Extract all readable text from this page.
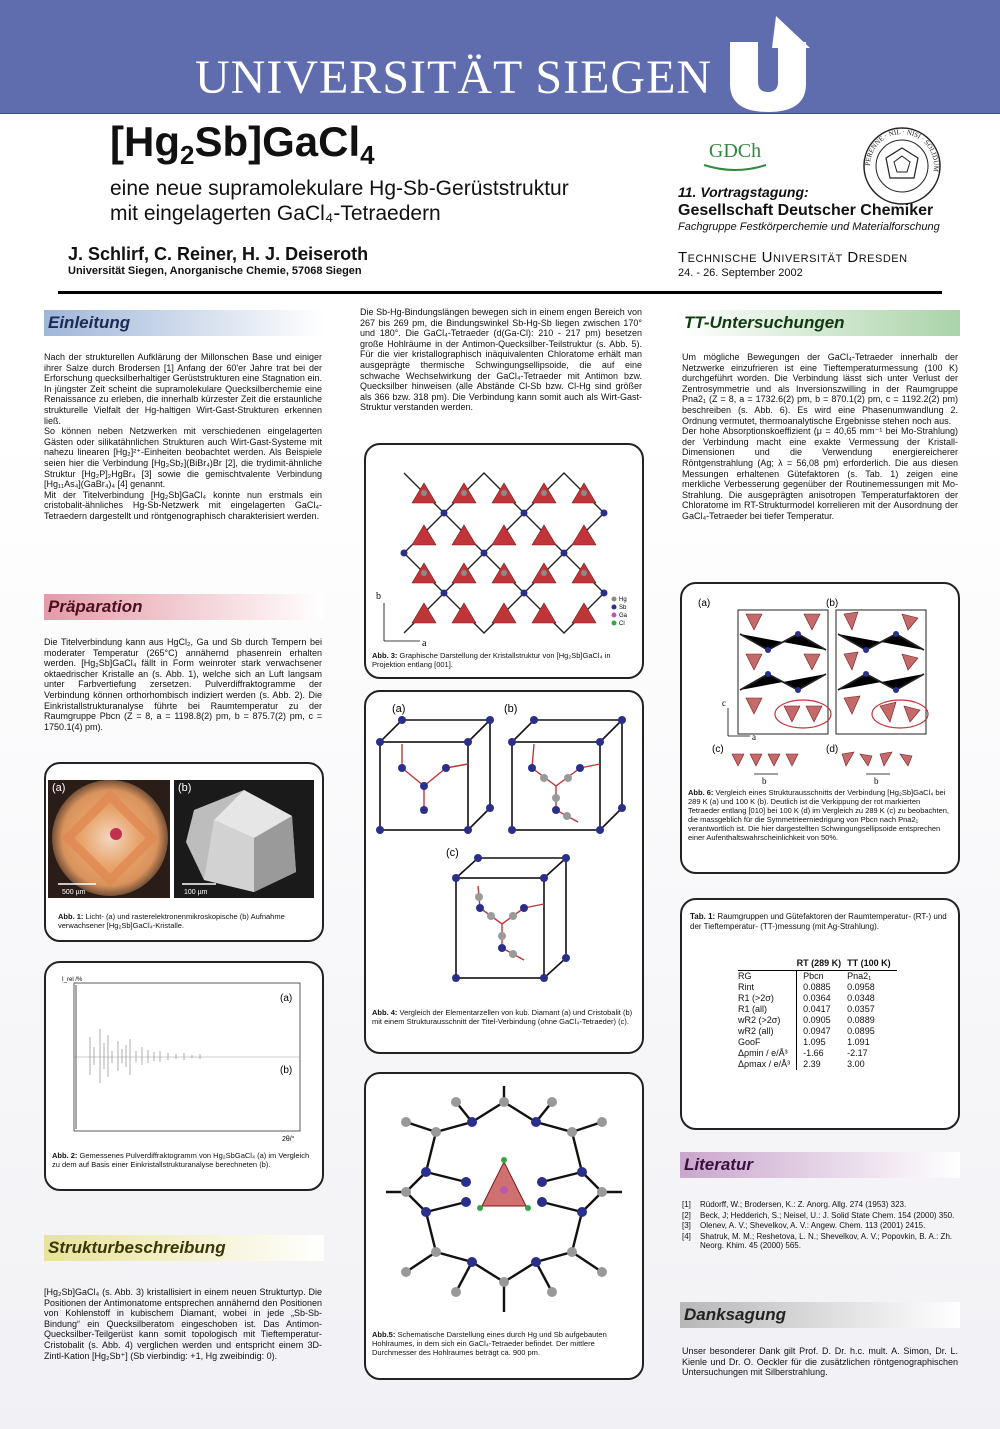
UNIVERSITÄT SIEGEN
$[Hg_2Sb]GaCl_4$
eine neue supramolekulare Hg-Sb-Gerüststruktur
mit eingelagerten GaCl₄-Tetraedern
J. Schlirf, C. Reiner, H. J. Deiseroth
Universität Siegen, Anorganische Chemie, 57068 Siegen
GDCh
PERENNE · NIL · NISI · SOLIDUM
11. Vortragstagung:
Gesellschaft Deutscher Chemiker
Fachgruppe Festkörperchemie und Materialforschung
Technische Universität Dresden
24. - 26. September 2002
Einleitung

Nach der strukturellen Aufklärung der Millonschen Base und einiger ihrer Salze durch Brodersen [1] Anfang der 60'er Jahre trat bei der Erforschung quecksilberhaltiger Gerüststrukturen eine Stagnation ein. In jüngster Zeit scheint die supramolekulare Quecksilberchemie eine Renaissance zu erleben, die innerhalb kürzester Zeit die erstaunliche strukturelle Vielfalt der Hg-haltigen Wirt-Gast-Strukturen erkennen ließ.

So können neben Netzwerken mit verschiedenen eingelagerten Gästen oder silikatähnlichen Strukturen auch Wirt-Gast-Systeme mit nahezu linearen [Hg₂]²⁺-Einheiten beobachtet werden. Als Beispiele seien hier die Verbindung [Hg₃Sb₂](BiBr₄)Br [2], die trydimit-ähnliche Struktur [Hg₂P]₂HgBr₄ [3] sowie die gemischtvalente Verbindung [Hg₁₁As₄](GaBr₄)₄ [4] genannt.

Mit der Titelverbindung [Hg₂Sb]GaCl₄ konnte nun erstmals ein cristobalit-ähnliches Hg-Sb-Netzwerk mit eingelagerten GaCl₄-Tetraedern dargestellt und röntgenographisch charakterisiert werden.

Präparation

Die Titelverbindung kann aus HgCl₂, Ga und Sb durch Tempern bei moderater Temperatur (265°C) annähernd phasenrein erhalten werden. [Hg₂Sb]GaCl₄ fällt in Form weinroter stark verwachsener oktaedrischer Kristalle an (s. Abb. 1), welche sich an Luft langsam unter Farbvertiefung zersetzen. Pulverdiffraktogramme der Verbindung können orthorhombisch indiziert werden (s. Abb. 2). Die Einkristallstrukturanalyse führte bei Raumtemperatur zu der Raumgruppe Pbcn (Z = 8, a = 1198.8(2) pm, b = 875.7(2) pm, c = 1750.1(4) pm).

500 µm	100 µm
(a)	(b)
Abb. 1: Licht- (a) und rasterelektronenmikroskopische (b) Aufnahme verwachsener [Hg₂Sb]GaCl₄-Kristalle.
I_rel /%
2θ/°
(a)
(b)
Abb. 2: Gemessenes Pulverdiffraktogramm von Hg₂SbGaCl₄ (a) im Vergleich zu dem auf Basis einer Einkristallstrukturanalyse berechneten (b).
Strukturbeschreibung

[Hg₂Sb]GaCl₄ (s. Abb. 3) kristallisiert in einem neuen Strukturtyp. Die Positionen der Antimonatome entsprechen annähernd den Positionen von Kohlenstoff in kubischem Diamant, wobei in jede „Sb-Sb-Bindung“ ein Quecksilberatom eingeschoben ist. Das Antimon-Quecksilber-Teilgerüst kann somit topologisch mit Tieftemperatur-Cristobalit (s. Abb. 4) verglichen werden und entspricht einem 3D-Zintl-Kation [Hg₂Sb⁺] (Sb vierbindig: +1, Hg zweibindig: 0).

Die Sb-Hg-Bindungslängen bewegen sich in einem engen Bereich von 267 bis 269 pm, die Bindungswinkel Sb-Hg-Sb liegen zwischen 170° und 180°. Die GaCl₄-Tetraeder (d(Ga-Cl): 210 - 217 pm) besetzen große Hohlräume in der Antimon-Quecksilber-Teilstruktur (s. Abb. 5). Für die vier kristallographisch inäquivalenten Chloratome erhält man ausgeprägte thermische Schwingungsellipsoide, die auf eine schwache Wechselwirkung der GaCl₄-Tetraeder mit Antimon bzw. Quecksilber hinweisen (alle Abstände Cl-Sb bzw. Cl-Hg sind größer als 366 bzw. 318 pm). Die Verbindung kann somit auch als Wirt-Gast-Struktur verstanden werden.

b
a
Hg
Sb
Ga
Cl
Abb. 3: Graphische Darstellung der Kristallstruktur von [Hg₂Sb]GaCl₄ in Projektion entlang [001].
(a)	(b)
(c)
Abb. 4: Vergleich der Elementarzellen von kub. Diamant (a) und Cristobalit (b) mit einem Strukturausschnitt der Titel-Verbindung (ohne GaCl₄-Tetraeder) (c).
Abb.5: Schematische Darstellung eines durch Hg und Sb aufgebauten Hohlraumes, in dem sich ein GaCl₄-Tetraeder befindet. Der mittlere Durchmesser des Hohlraumes beträgt ca. 900 pm.
TT-Untersuchungen

Um mögliche Bewegungen der GaCl₄-Tetraeder innerhalb der Netzwerke einzufrieren ist eine Tieftemperaturmessung (100 K) durchgeführt worden. Die Verbindung lässt sich unter Verlust der Zentrosymmetrie und als Inversionszwilling in der Raumgruppe Pna2₁ (Z = 8, a = 1732.6(2) pm, b = 870.1(2) pm, c = 1192.2(2) pm) beschreiben (s. Abb. 6). Es wird eine Phasenumwandlung 2. Ordnung vermutet, thermoanalytische Ergebnisse stehen noch aus.

Der hohe Absorptionskoeffizient (μ = 40,65 mm⁻¹ bei Mo-Strahlung) der Verbindung macht eine exakte Vermessung der Kristall-Dimensionen und die Verwendung energiereicherer Röntgenstrahlung (Ag; λ = 56,08 pm) erforderlich. Die aus diesen Messungen erhaltenen Gütefaktoren (s. Tab. 1) zeigen eine merkliche Verbesserung gegenüber der Routinemessungen mit Mo-Strahlung. Die ausgeprägten anisotropen Temperaturfaktoren der Chloratome im RT-Strukturmodel korrelieren mit der Ausordnung der GaCl₄-Tetraeder bei tiefer Temperatur.

c
a
b	b
(a)	(b)
(c)	(d)
Abb. 6: Vergleich eines Strukturausschnitts der Verbindung [Hg₂Sb]GaCl₄ bei 289 K (a) und 100 K (b). Deutlich ist die Verkippung der rot markierten Tetraeder entlang [010] bei 100 K (d) im Vergleich zu 289 K (c) zu beobachten, die massgeblich für die Symmetrieerniedrigung von Pbcn nach Pna2₁ verantwortlich ist. Die hier dargestellten Schwingungsellipsoide entsprechen einer Aufenthaltswahrscheinlichkeit von 50%.
Tab. 1: Raumgruppen und Gütefaktoren der Raumtemperatur- (RT-) und der Tieftemperatur- (TT-)messung (mit Ag-Strahlung).
	RT (289 K)	TT (100 K)
RG	Pbcn	Pna2₁
Rint	0.0885	0.0958
R1 (>2σ)	0.0364	0.0348
R1 (all)	0.0417	0.0357
wR2 (>2σ)	0.0905	0.0889
wR2 (all)	0.0947	0.0895
GooF	1.095	1.091
Δρmin / e/Å³	-1.66	-2.17
Δρmax / e/Å³	2.39	3.00
Literatur
[1]	Rüdorff, W.; Brodersen, K.: Z. Anorg. Allg. 274 (1953) 323.
[2]	Beck, J; Hedderich, S.; Neisel, U.: J. Solid State Chem. 154 (2000) 350.
[3]	Olenev, A. V.; Shevelkov, A. V.: Angew. Chem. 113 (2001) 2415.
[4]	Shatruk, M. M.; Reshetova, L. N.; Shevelkov, A. V.; Popovkin, B. A.: Zh. Neorg. Khim. 45 (2000) 565.
Danksagung

Unser besonderer Dank gilt Prof. D. Dr. h.c. mult. A. Simon, Dr. L. Kienle und Dr. O. Oeckler für die zusätzlichen röntgenographischen Untersuchungen mit Silberstrahlung.
